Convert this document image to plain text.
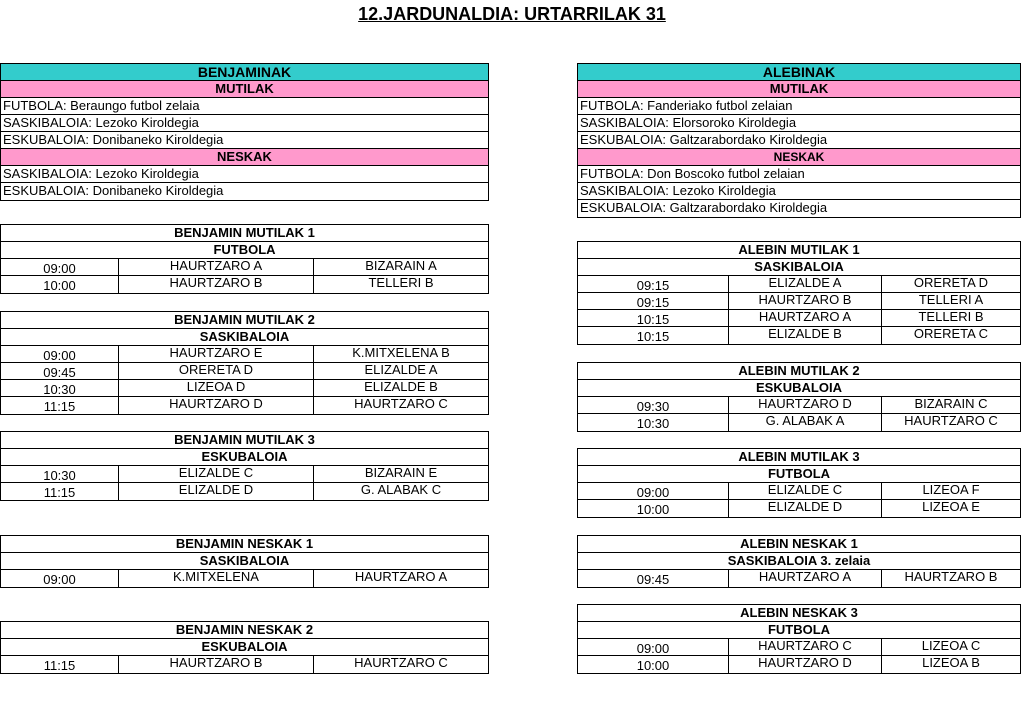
12.JARDUNALDIA: URTARRILAK 31
BENJAMINAK
MUTILAK
FUTBOLA: Beraungo futbol zelaia
SASKIBALOIA: Lezoko Kiroldegia
ESKUBALOIA: Donibaneko Kiroldegia
NESKAK
SASKIBALOIA: Lezoko Kiroldegia
ESKUBALOIA: Donibaneko Kiroldegia
ALEBINAK
MUTILAK
FUTBOLA: Fanderiako futbol zelaian
SASKIBALOIA: Elorsoroko Kiroldegia
ESKUBALOIA: Galtzarabordako Kiroldegia
NESKAK
FUTBOLA: Don Boscoko futbol zelaian
SASKIBALOIA: Lezoko Kiroldegia
ESKUBALOIA: Galtzarabordako Kiroldegia
BENJAMIN MUTILAK 1
FUTBOLA
09:00	HAURTZARO A	BIZARAIN A
10:00	HAURTZARO B	TELLERI B
BENJAMIN MUTILAK 2
SASKIBALOIA
09:00	HAURTZARO E	K.MITXELENA B
09:45	ORERETA D	ELIZALDE A
10:30	LIZEOA D	ELIZALDE B
11:15	HAURTZARO D	HAURTZARO C
BENJAMIN MUTILAK 3
ESKUBALOIA
10:30	ELIZALDE C	BIZARAIN E
11:15	ELIZALDE D	G. ALABAK C
BENJAMIN NESKAK 1
SASKIBALOIA
09:00	K.MITXELENA	HAURTZARO A
BENJAMIN NESKAK 2
ESKUBALOIA
11:15	HAURTZARO B	HAURTZARO C
ALEBIN MUTILAK 1
SASKIBALOIA
09:15	ELIZALDE A	ORERETA D
09:15	HAURTZARO B	TELLERI A
10:15	HAURTZARO A	TELLERI B
10:15	ELIZALDE B	ORERETA C
ALEBIN MUTILAK 2
ESKUBALOIA
09:30	HAURTZARO D	BIZARAIN C
10:30	G. ALABAK A	HAURTZARO C
ALEBIN MUTILAK 3
FUTBOLA
09:00	ELIZALDE C	LIZEOA F
10:00	ELIZALDE D	LIZEOA E
ALEBIN NESKAK 1
SASKIBALOIA 3. zelaia
09:45	HAURTZARO A	HAURTZARO B
ALEBIN NESKAK 3
FUTBOLA
09:00	HAURTZARO C	LIZEOA C
10:00	HAURTZARO D	LIZEOA B
